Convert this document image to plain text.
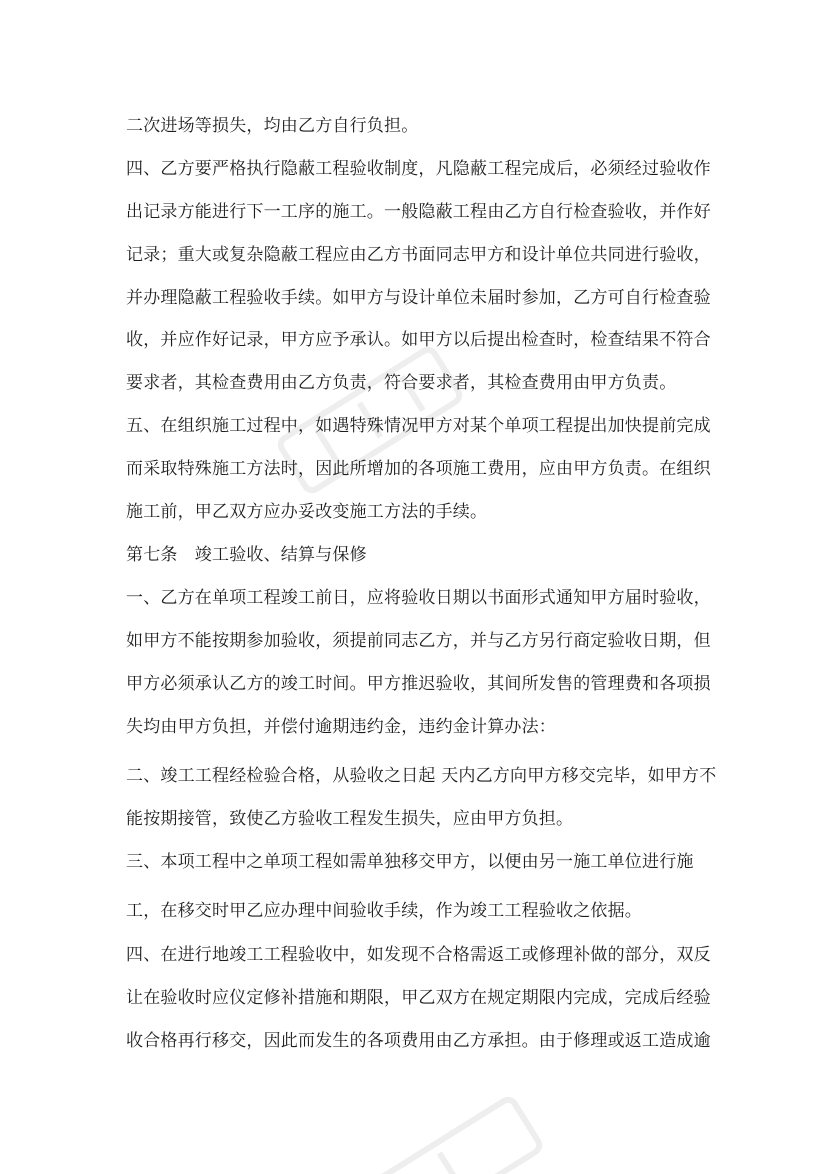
二次进场等损失，均由乙方自行负担。
四、乙方要严格执行隐蔽工程验收制度，凡隐蔽工程完成后，必须经过验收作
出记录方能进行下一工序的施工。一般隐蔽工程由乙方自行检查验收，并作好
记录；重大或复杂隐蔽工程应由乙方书面同志甲方和设计单位共同进行验收，
并办理隐蔽工程验收手续。如甲方与设计单位未届时参加，乙方可自行检查验
收，并应作好记录，甲方应予承认。如甲方以后提出检查时，检查结果不符合
要求者，其检查费用由乙方负责，符合要求者，其检查费用由甲方负责。
五、在组织施工过程中，如遇特殊情况甲方对某个单项工程提出加快提前完成
而采取特殊施工方法时，因此所增加的各项施工费用，应由甲方负责。在组织
施工前，甲乙双方应办妥改变施工方法的手续。
第七条　竣工验收、结算与保修
一、乙方在单项工程竣工前日，应将验收日期以书面形式通知甲方届时验收，
如甲方不能按期参加验收，须提前同志乙方，并与乙方另行商定验收日期，但
甲方必须承认乙方的竣工时间。甲方推迟验收，其间所发售的管理费和各项损
失均由甲方负担，并偿付逾期违约金，违约金计算办法：
二、竣工工程经检验合格，从验收之日起 天内乙方向甲方移交完毕，如甲方不
能按期接管，致使乙方验收工程发生损失，应由甲方负担。
三、本项工程中之单项工程如需单独移交甲方，以便由另一施工单位进行施
工，在移交时甲乙应办理中间验收手续，作为竣工工程验收之依据。
四、在进行地竣工工程验收中，如发现不合格需返工或修理补做的部分，双反
让在验收时应仪定修补措施和期限，甲乙双方在规定期限内完成，完成后经验
收合格再行移交，因此而发生的各项费用由乙方承担。由于修理或返工造成逾
